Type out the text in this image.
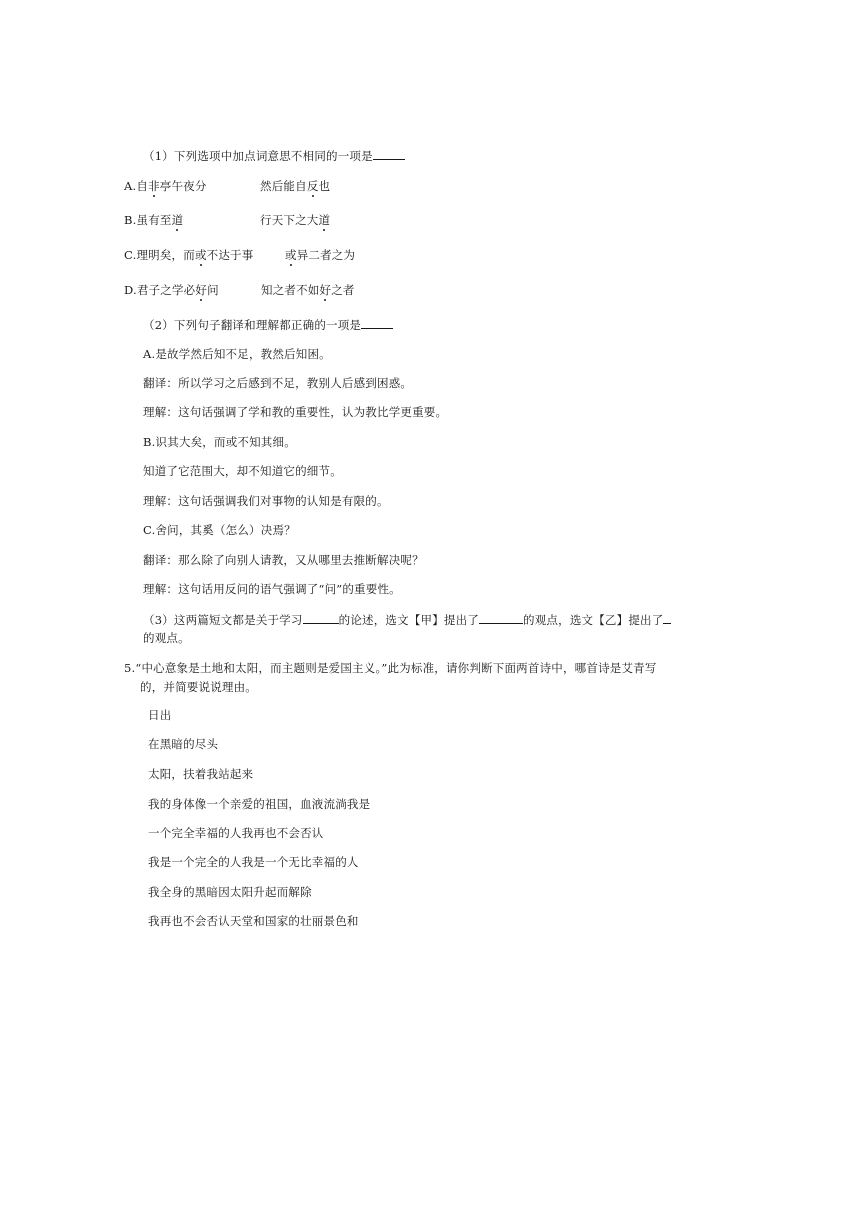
（1）下列选项中加点词意思不相同的一项是
A.自非亭午夜分	然后能自反也
B.虽有至道	行天下之大道
C.理明矣，而或不达于事	或异二者之为
D.君子之学必好问	知之者不如好之者
（2）下列句子翻译和理解都正确的一项是
A.是故学然后知不足，教然后知困。
翻译：所以学习之后感到不足，教别人后感到困惑。
理解：这句话强调了学和教的重要性，认为教比学更重要。
B.识其大矣，而或不知其细。
知道了它范围大，却不知道它的细节。
理解：这句话强调我们对事物的认知是有限的。
C.舍问，其奚（怎么）决焉？
翻译：那么除了向别人请教，又从哪里去推断解决呢？
理解：这句话用反问的语气强调了“问”的重要性。
（3）这两篇短文都是关于学习	的论述，选文【甲】提出了	的观点，选文【乙】提出了
的观点。
5.“中心意象是土地和太阳，而主题则是爱国主义。”此为标准，请你判断下面两首诗中，哪首诗是艾青写
的，并简要说说理由。
日出
在黑暗的尽头
太阳，扶着我站起来
我的身体像一个亲爱的祖国，血液流淌我是
一个完全幸福的人我再也不会否认
我是一个完全的人我是一个无比幸福的人
我全身的黑暗因太阳升起而解除
我再也不会否认天堂和国家的壮丽景色和
